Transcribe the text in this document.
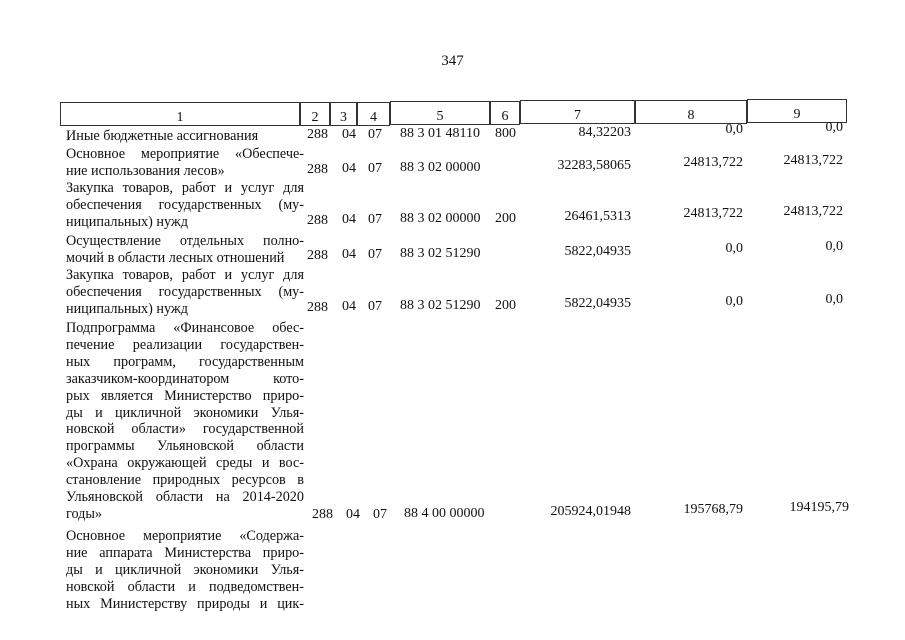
347
1	2	3	4	5	6	7	8	9
Иные бюджетные ассигнования	288 04 07 88 3 01 48110 800	84,32203	0,0	0,0
Основное мероприятие «Обеспече-
ние использования лесов»	288 04 07 88 3 02 00000	32283,58065	24813,722	24813,722
Закупка товаров, работ и услуг для
обеспечения государственных (му-
ниципальных) нужд	288 04 07 88 3 02 00000 200	26461,5313	24813,722	24813,722
Осуществление отдельных полно-
мочий в области лесных отношений	288 04 07 88 3 02 51290	5822,04935	0,0	0,0
Закупка товаров, работ и услуг для
обеспечения государственных (му-
ниципальных) нужд	288 04 07 88 3 02 51290 200	5822,04935	0,0	0,0
Подпрограмма «Финансовое обес-
печение реализации государствен-
ных программ, государственным
заказчиком-координатором кото-
рых является Министерство приро-
ды и цикличной экономики Улья-
новской области» государственной
программы Ульяновской области
«Охрана окружающей среды и вос-
становление природных ресурсов в
Ульяновской области на 2014-2020
годы»	288 04 07 88 4 00 00000	205924,01948	195768,79	194195,79
Основное мероприятие «Содержа-
ние аппарата Министерства приро-
ды и цикличной экономики Улья-
новской области и подведомствен-
ных Министерству природы и цик-
